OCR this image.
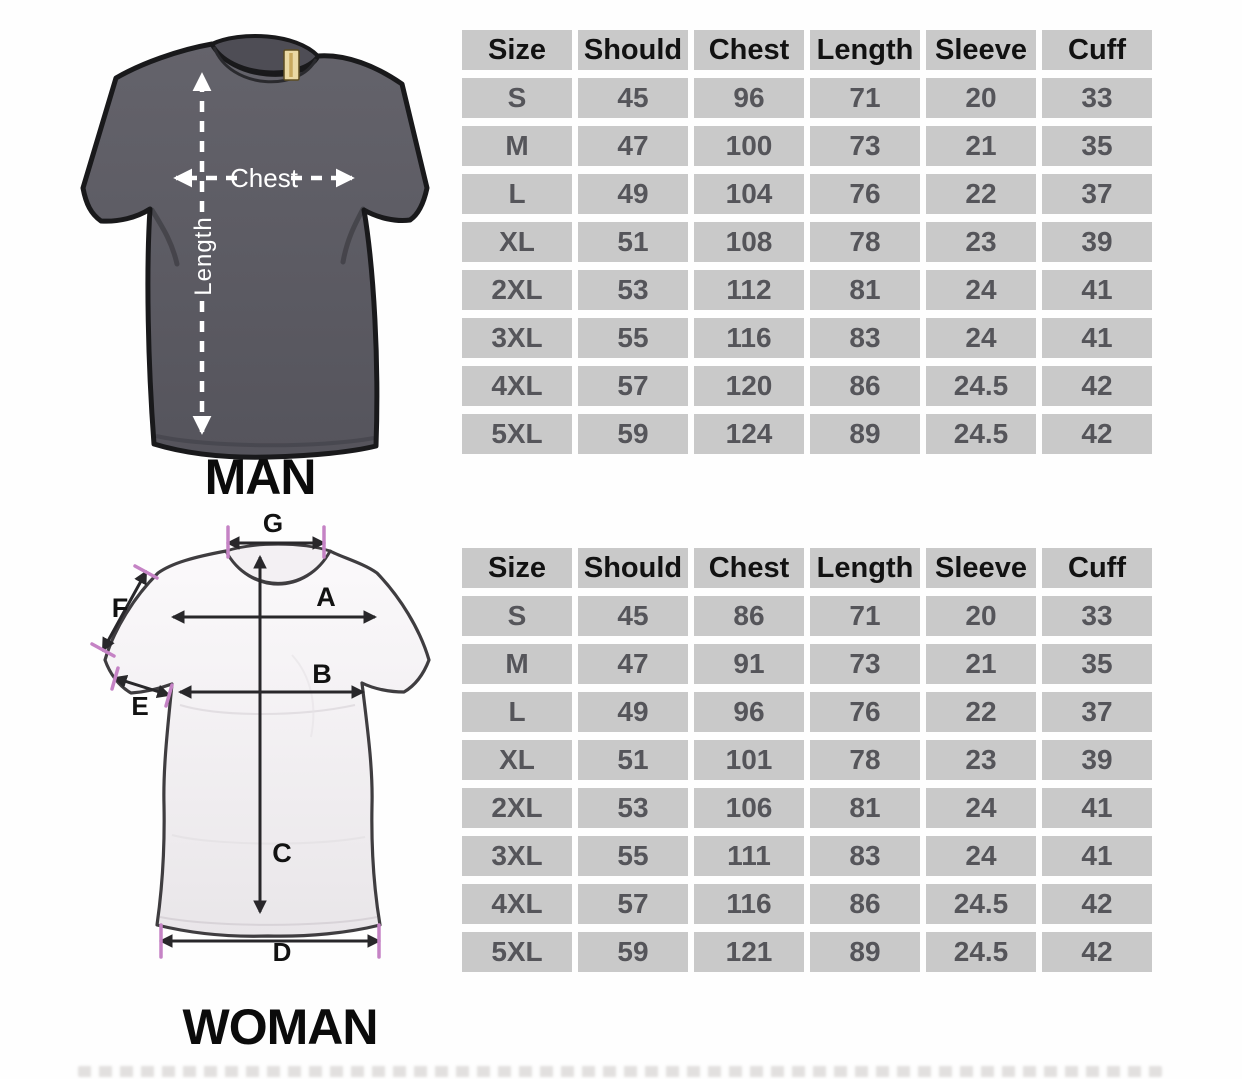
Length
Chest
MAN
Size	Should	Chest	Length	Sleeve	Cuff
S	45	96	71	20	33
M	47	100	73	21	35
L	49	104	76	22	37
XL	51	108	78	23	39
2XL	53	112	81	24	41
3XL	55	116	83	24	41
4XL	57	120	86	24.5	42
5XL	59	124	89	24.5	42
G
A
B
C
D
E
F
WOMAN
Size	Should	Chest	Length	Sleeve	Cuff
S	45	86	71	20	33
M	47	91	73	21	35
L	49	96	76	22	37
XL	51	101	78	23	39
2XL	53	106	81	24	41
3XL	55	111	83	24	41
4XL	57	116	86	24.5	42
5XL	59	121	89	24.5	42
